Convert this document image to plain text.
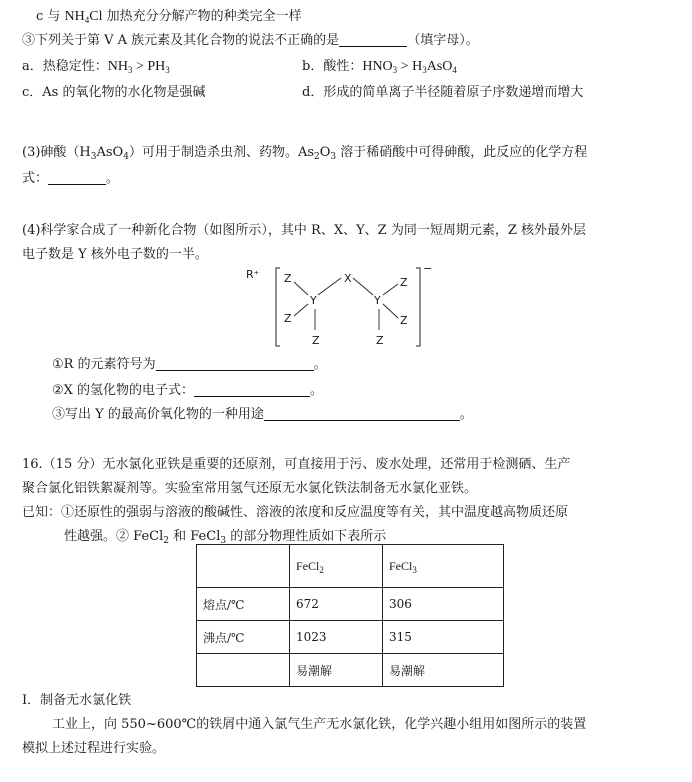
c 与 $NH_4Cl$ 加热充分分解产物的种类完全一样
③下列关于第 V A 族元素及其化合物的说法不正确的是	（填字母）。
a．热稳定性：$NH_3 > PH_3$	b．酸性：$HNO_3 > H_3AsO_4$
c．As 的氧化物的水化物是强碱	d．形成的简单离子半径随着原子序数递增而增大
(3)砷酸$(H_3AsO_4)$可用于制造杀虫剂、药物。$As_2O_3$ 溶于稀硝酸中可得砷酸，此反应的化学方程
式：	。
(4)科学家合成了一种新化合物（如图所示），其中 R、X、Y、Z 为同一短周期元素，Z 核外最外层
电子数是 Y 核外电子数的一半。
R⁺	−
Z
Y
Z
Z
X	Z
Y
Z
Z
①R 的元素符号为	。
②X 的氢化物的电子式：	。
③写出 Y 的最高价氧化物的一种用途	。
16.（15 分）无水氯化亚铁是重要的还原剂，可直接用于污、废水处理，还常用于检测硒、生产
聚合氯化铝铁絮凝剂等。实验室常用氢气还原无水氯化铁法制备无水氯化亚铁。
已知：①还原性的强弱与溶液的酸碱性、溶液的浓度和反应温度等有关，其中温度越高物质还原
性越强。② FeCl$_2$ 和 FeCl$_3$ 的部分物理性质如下表所示
	FeCl$_2$	FeCl$_3$
熔点/℃	672	306
沸点/℃	1023	315
	易潮解	易潮解
Ⅰ．制备无水氯化铁
工业上，向 550~600℃的铁屑中通入氯气生产无水氯化铁，化学兴趣小组用如图所示的装置
模拟上述过程进行实验。
